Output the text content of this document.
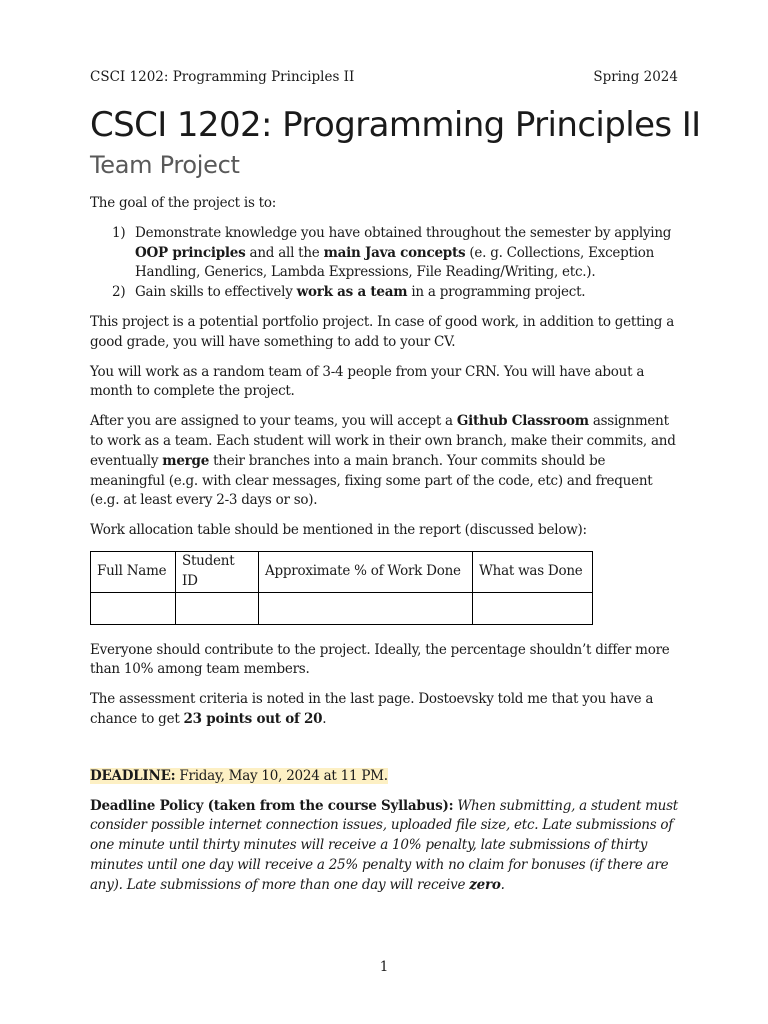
CSCI 1202: Programming Principles II	Spring 2024
CSCI 1202: Programming Principles II
Team Project

The goal of the project is to:

1) Demonstrate knowledge you have obtained throughout the semester by applying OOP principles and all the main Java concepts (e. g. Collections, Exception Handling, Generics, Lambda Expressions, File Reading/Writing, etc.).
2) Gain skills to effectively work as a team in a programming project.

This project is a potential portfolio project. In case of good work, in addition to getting a good grade, you will have something to add to your CV.

You will work as a random team of 3-4 people from your CRN. You will have about a month to complete the project.

After you are assigned to your teams, you will accept a Github Classroom assignment to work as a team. Each student will work in their own branch, make their commits, and eventually merge their branches into a main branch. Your commits should be meaningful (e.g. with clear messages, fixing some part of the code, etc) and frequent (e.g. at least every 2-3 days or so).

Work allocation table should be mentioned in the report (discussed below):

Full Name	Student ID	Approximate % of Work Done	What was Done

Everyone should contribute to the project. Ideally, the percentage shouldn’t differ more than 10% among team members.

The assessment criteria is noted in the last page. Dostoevsky told me that you have a chance to get 23 points out of 20.

DEADLINE: Friday, May 10, 2024 at 11 PM.

Deadline Policy (taken from the course Syllabus): When submitting, a student must consider possible internet connection issues, uploaded file size, etc. Late submissions of one minute until thirty minutes will receive a 10% penalty, late submissions of thirty minutes until one day will receive a 25% penalty with no claim for bonuses (if there are any). Late submissions of more than one day will receive zero.

1
